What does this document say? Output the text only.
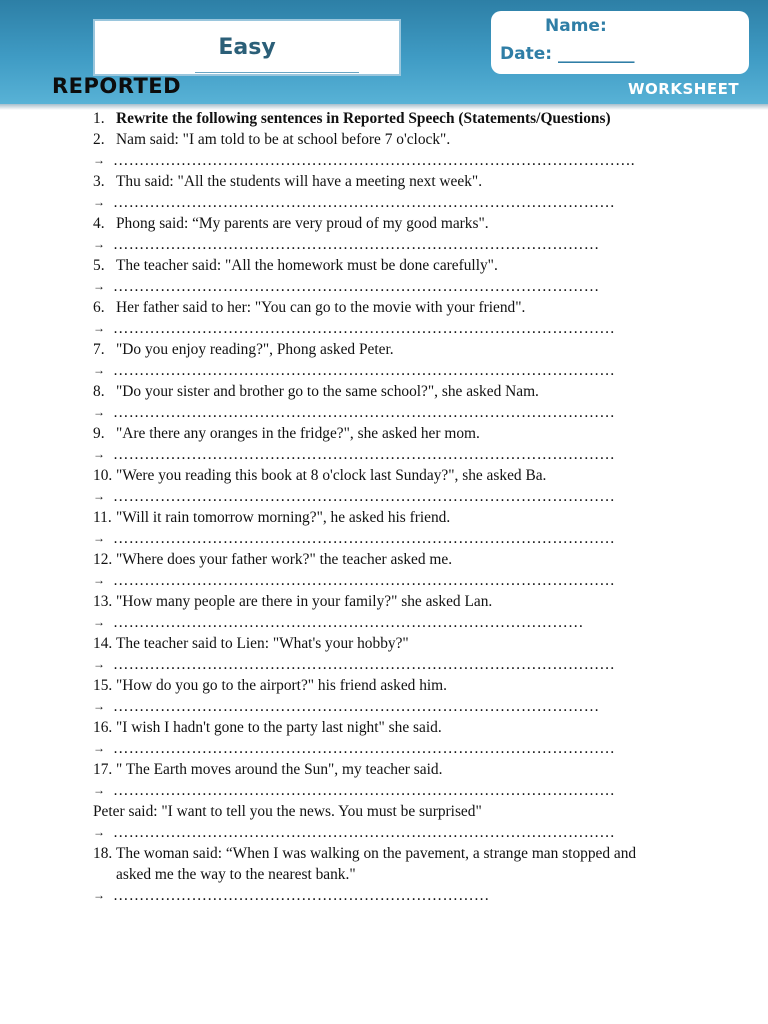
Easy
Name:
Date: _________
REPORTED	WORKSHEET
1. Rewrite the following sentences in Reported Speech (Statements/Questions)
2. Nam said: "I am told to be at school before 7 o'clock".
→ ……………………………………………………………………………………….
3. Thu said: "All the students will have a meeting next week".
→ ……………………………………………………………………………………
4. Phong said: “My parents are very proud of my good marks".
→ …………………………………………………………………………………
5. The teacher said: "All the homework must be done carefully".
→ …………………………………………………………………………………
6. Her father said to her: "You can go to the movie with your friend".
→ ……………………………………………………………………………………
7. "Do you enjoy reading?", Phong asked Peter.
→ ……………………………………………………………………………………
8. "Do your sister and brother go to the same school?", she asked Nam.
→ ……………………………………………………………………………………
9. "Are there any oranges in the fridge?", she asked her mom.
→ ……………………………………………………………………………………
10. "Were you reading this book at 8 o'clock last Sunday?", she asked Ba.
→ ……………………………………………………………………………………
11. "Will it rain tomorrow morning?", he asked his friend.
→ ……………………………………………………………………………………
12. "Where does your father work?" the teacher asked me.
→ ……………………………………………………………………………………
13. "How many people are there in your family?" she asked Lan.
→ ………………………………………………………………………………
14. The teacher said to Lien: "What's your hobby?"
→ ……………………………………………………………………………………
15. "How do you go to the airport?" his friend asked him.
→ …………………………………………………………………………………
16. "I wish I hadn't gone to the party last night" she said.
→ ……………………………………………………………………………………
17. " The Earth moves around the Sun", my teacher said.
→ ……………………………………………………………………………………
Peter said: "I want to tell you the news. You must be surprised"
→ ……………………………………………………………………………………
18. The woman said: “When I was walking on the pavement, a strange man stopped and asked me the way to the nearest bank."
→ ………………………………………………………………
